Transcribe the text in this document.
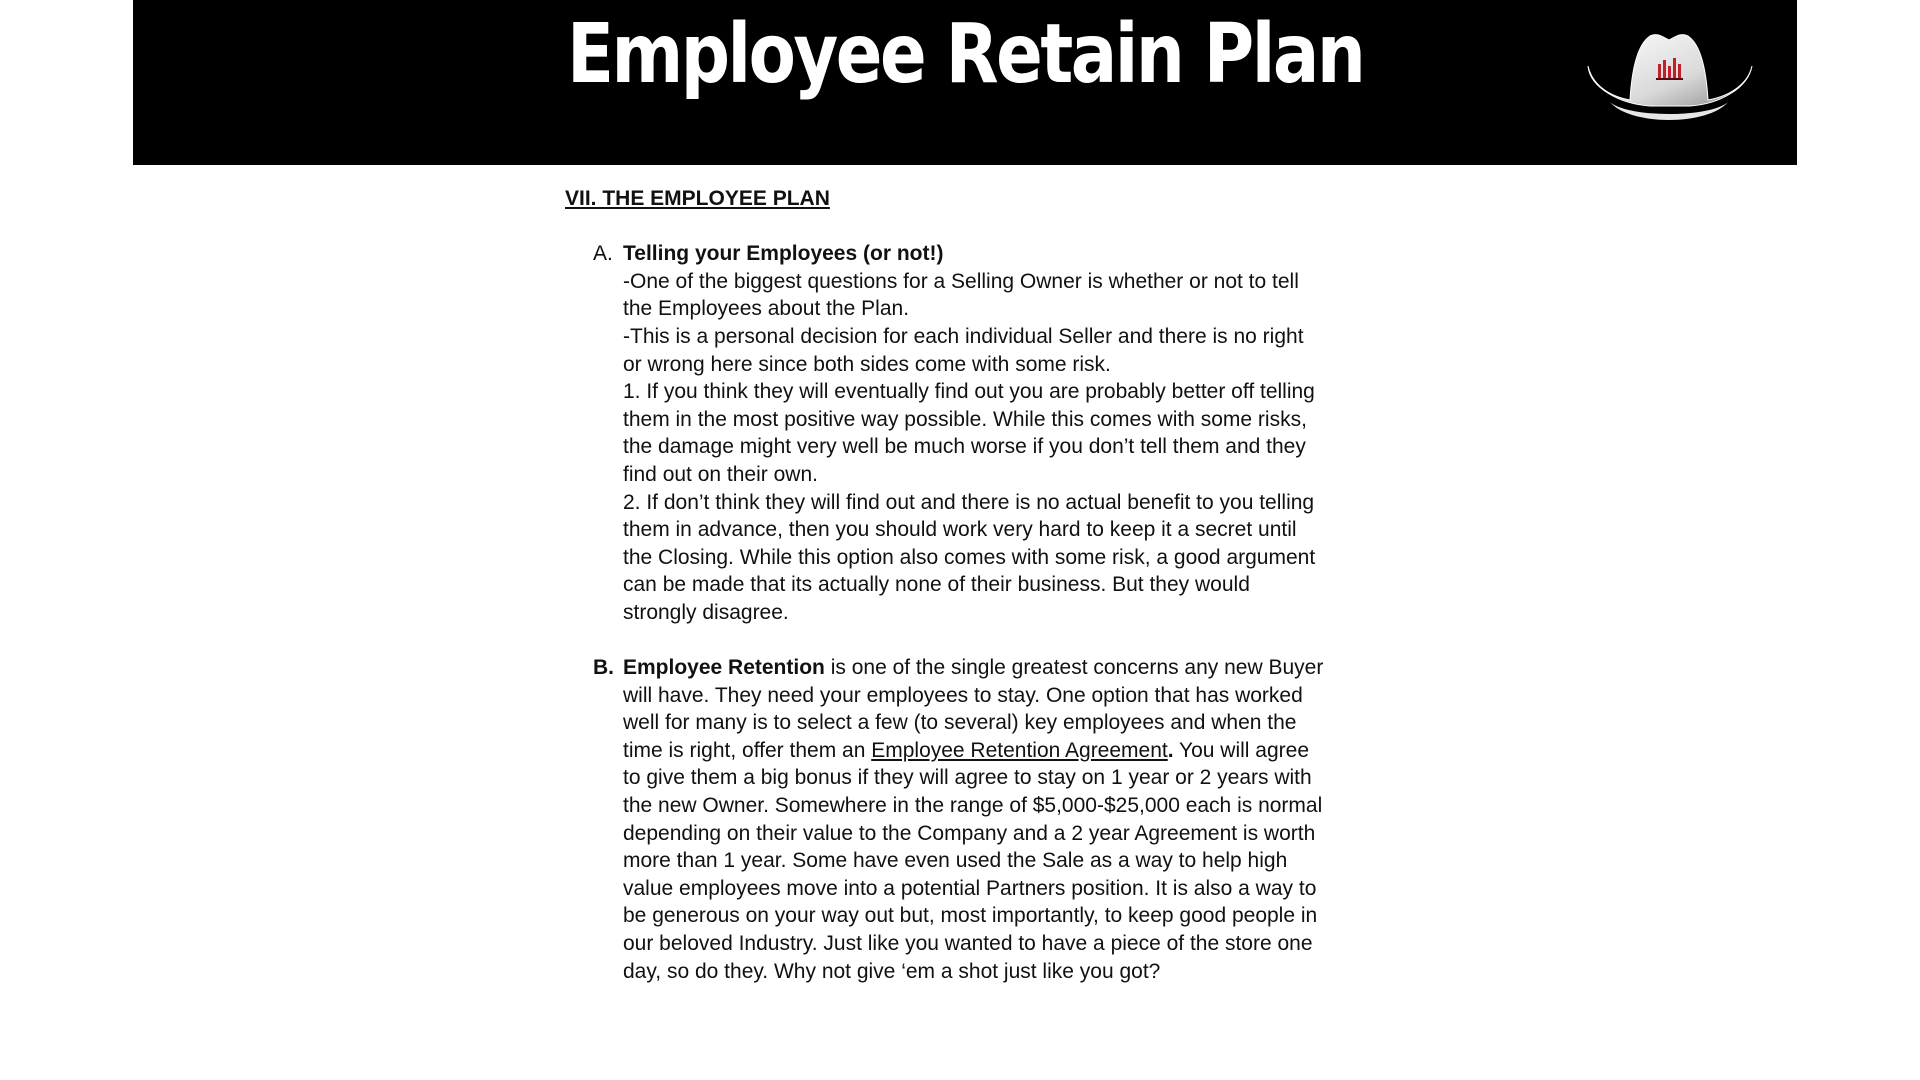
Employee Retain Plan
VII. THE EMPLOYEE PLAN
A. Telling your Employees (or not!)

-One of the biggest questions for a Selling Owner is whether or not to tell the Employees about the Plan.

-This is a personal decision for each individual Seller and there is no right or wrong here since both sides come with some risk.

1. If you think they will eventually find out you are probably better off telling them in the most positive way possible. While this comes with some risks, the damage might very well be much worse if you don’t tell them and they find out on their own.

2. If don’t think they will find out and there is no actual benefit to you telling them in advance, then you should work very hard to keep it a secret until the Closing. While this option also comes with some risk, a good argument can be made that its actually none of their business. But they would strongly disagree.

B. Employee Retention is one of the single greatest concerns any new Buyer will have. They need your employees to stay. One option that has worked well for many is to select a few (to several) key employees and when the time is right, offer them an Employee Retention Agreement. You will agree to give them a big bonus if they will agree to stay on 1 year or 2 years with the new Owner. Somewhere in the range of $5,000-$25,000 each is normal depending on their value to the Company and a 2 year Agreement is worth more than 1 year. Some have even used the Sale as a way to help high value employees move into a potential Partners position. It is also a way to be generous on your way out but, most importantly, to keep good people in our beloved Industry. Just like you wanted to have a piece of the store one day, so do they. Why not give ‘em a shot just like you got?
